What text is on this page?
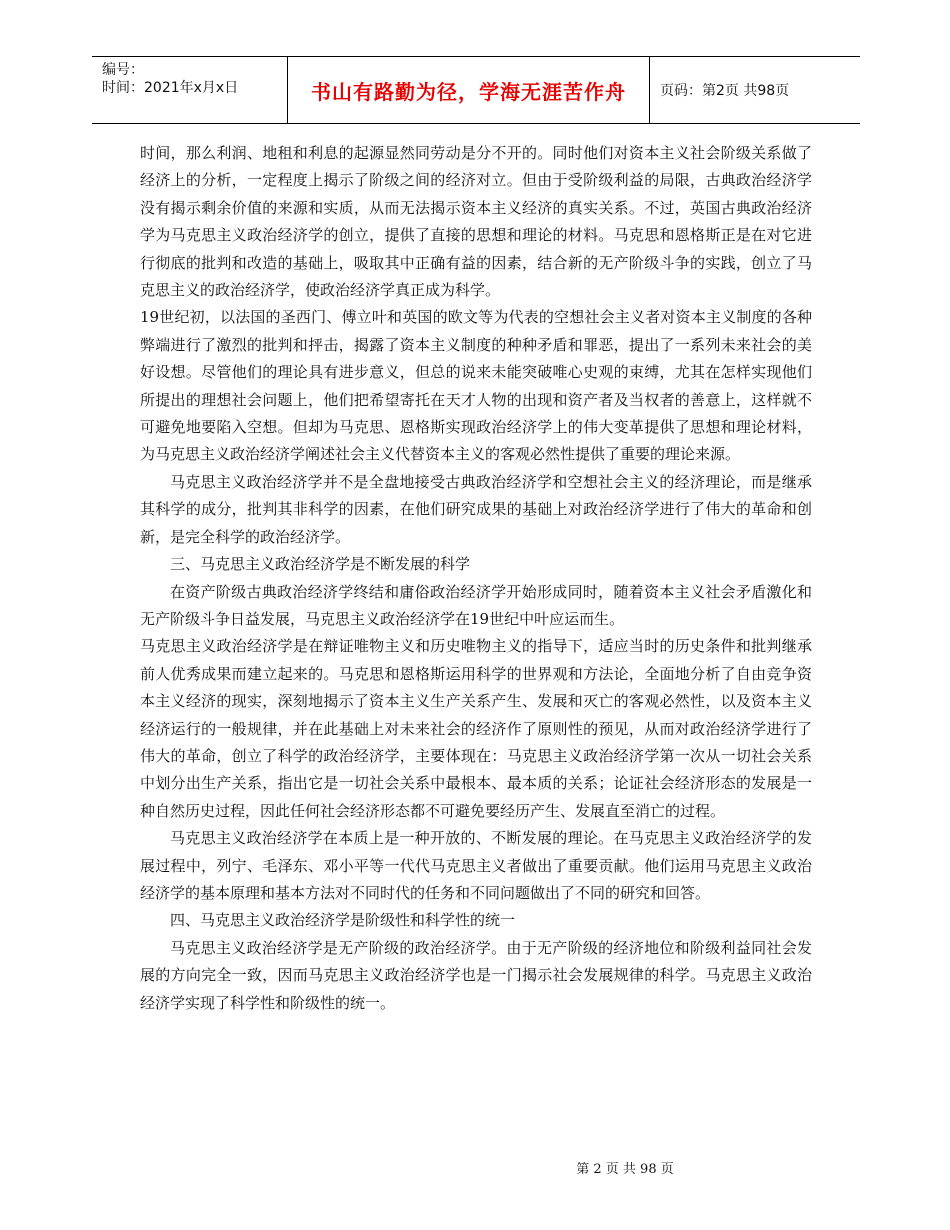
编号：
时间：2021年x月x日	书山有路勤为径，学海无涯苦作舟	页码：第2页 共98页

时间，那么利润、地租和利息的起源显然同劳动是分不开的。同时他们对资本主义社会阶级关系做了经济上的分析，一定程度上揭示了阶级之间的经济对立。但由于受阶级利益的局限，古典政治经济学没有揭示剩余价值的来源和实质，从而无法揭示资本主义经济的真实关系。不过，英国古典政治经济学为马克思主义政治经济学的创立，提供了直接的思想和理论的材料。马克思和恩格斯正是在对它进行彻底的批判和改造的基础上，吸取其中正确有益的因素，结合新的无产阶级斗争的实践，创立了马克思主义的政治经济学，使政治经济学真正成为科学。

19世纪初，以法国的圣西门、傅立叶和英国的欧文等为代表的空想社会主义者对资本主义制度的各种弊端进行了激烈的批判和抨击，揭露了资本主义制度的种种矛盾和罪恶，提出了一系列未来社会的美好设想。尽管他们的理论具有进步意义，但总的说来未能突破唯心史观的束缚，尤其在怎样实现他们所提出的理想社会问题上，他们把希望寄托在天才人物的出现和资产者及当权者的善意上，这样就不可避免地要陷入空想。但却为马克思、恩格斯实现政治经济学上的伟大变革提供了思想和理论材料，为马克思主义政治经济学阐述社会主义代替资本主义的客观必然性提供了重要的理论来源。

马克思主义政治经济学并不是全盘地接受古典政治经济学和空想社会主义的经济理论，而是继承其科学的成分，批判其非科学的因素，在他们研究成果的基础上对政治经济学进行了伟大的革命和创新，是完全科学的政治经济学。

三、马克思主义政治经济学是不断发展的科学

在资产阶级古典政治经济学终结和庸俗政治经济学开始形成同时，随着资本主义社会矛盾激化和无产阶级斗争日益发展，马克思主义政治经济学在19世纪中叶应运而生。

马克思主义政治经济学是在辩证唯物主义和历史唯物主义的指导下，适应当时的历史条件和批判继承前人优秀成果而建立起来的。马克思和恩格斯运用科学的世界观和方法论，全面地分析了自由竞争资本主义经济的现实，深刻地揭示了资本主义生产关系产生、发展和灭亡的客观必然性，以及资本主义经济运行的一般规律，并在此基础上对未来社会的经济作了原则性的预见，从而对政治经济学进行了伟大的革命，创立了科学的政治经济学，主要体现在：马克思主义政治经济学第一次从一切社会关系中划分出生产关系，指出它是一切社会关系中最根本、最本质的关系；论证社会经济形态的发展是一种自然历史过程，因此任何社会经济形态都不可避免要经历产生、发展直至消亡的过程。

马克思主义政治经济学在本质上是一种开放的、不断发展的理论。在马克思主义政治经济学的发展过程中，列宁、毛泽东、邓小平等一代代马克思主义者做出了重要贡献。他们运用马克思主义政治经济学的基本原理和基本方法对不同时代的任务和不同问题做出了不同的研究和回答。

四、马克思主义政治经济学是阶级性和科学性的统一

马克思主义政治经济学是无产阶级的政治经济学。由于无产阶级的经济地位和阶级利益同社会发展的方向完全一致，因而马克思主义政治经济学也是一门揭示社会发展规律的科学。马克思主义政治经济学实现了科学性和阶级性的统一。

第 2 页 共 98 页
